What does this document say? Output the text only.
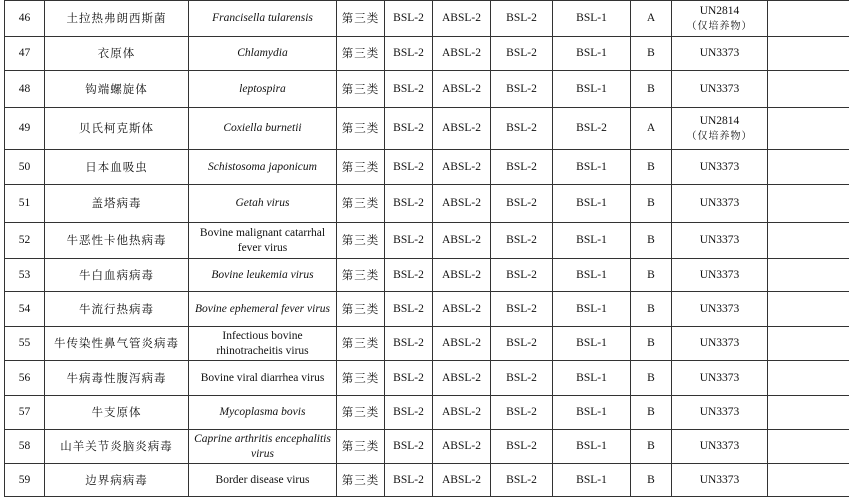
46	土拉热弗朗西斯菌	Francisella tularensis	第三类	BSL-2	ABSL-2	BSL-2	BSL-1	A	UN2814
（仅培养物）	

47	衣原体	Chlamydia	第三类	BSL-2	ABSL-2	BSL-2	BSL-1	B	UN3373	
48	钩端螺旋体	leptospira	第三类	BSL-2	ABSL-2	BSL-2	BSL-1	B	UN3373	
49	贝氏柯克斯体	Coxiella burnetii	第三类	BSL-2	ABSL-2	BSL-2	BSL-2	A	UN2814
（仅培养物）	

50	日本血吸虫	Schistosoma japonicum	第三类	BSL-2	ABSL-2	BSL-2	BSL-1	B	UN3373	
51	盖塔病毒	Getah virus	第三类	BSL-2	ABSL-2	BSL-2	BSL-1	B	UN3373	
52	牛恶性卡他热病毒	Bovine malignant catarrhal fever virus	第三类	BSL-2	ABSL-2	BSL-2	BSL-1	B	UN3373	
53	牛白血病病毒	Bovine leukemia virus	第三类	BSL-2	ABSL-2	BSL-2	BSL-1	B	UN3373	
54	牛流行热病毒	Bovine ephemeral fever virus	第三类	BSL-2	ABSL-2	BSL-2	BSL-1	B	UN3373	
55	牛传染性鼻气管炎病毒	Infectious bovine rhinotracheitis virus	第三类	BSL-2	ABSL-2	BSL-2	BSL-1	B	UN3373	
56	牛病毒性腹泻病毒	Bovine viral diarrhea virus	第三类	BSL-2	ABSL-2	BSL-2	BSL-1	B	UN3373	
57	牛支原体	Mycoplasma bovis	第三类	BSL-2	ABSL-2	BSL-2	BSL-1	B	UN3373	
58	山羊关节炎脑炎病毒	Caprine arthritis encephalitis virus	第三类	BSL-2	ABSL-2	BSL-2	BSL-1	B	UN3373	
59	边界病病毒	Border disease virus	第三类	BSL-2	ABSL-2	BSL-2	BSL-1	B	UN3373	
